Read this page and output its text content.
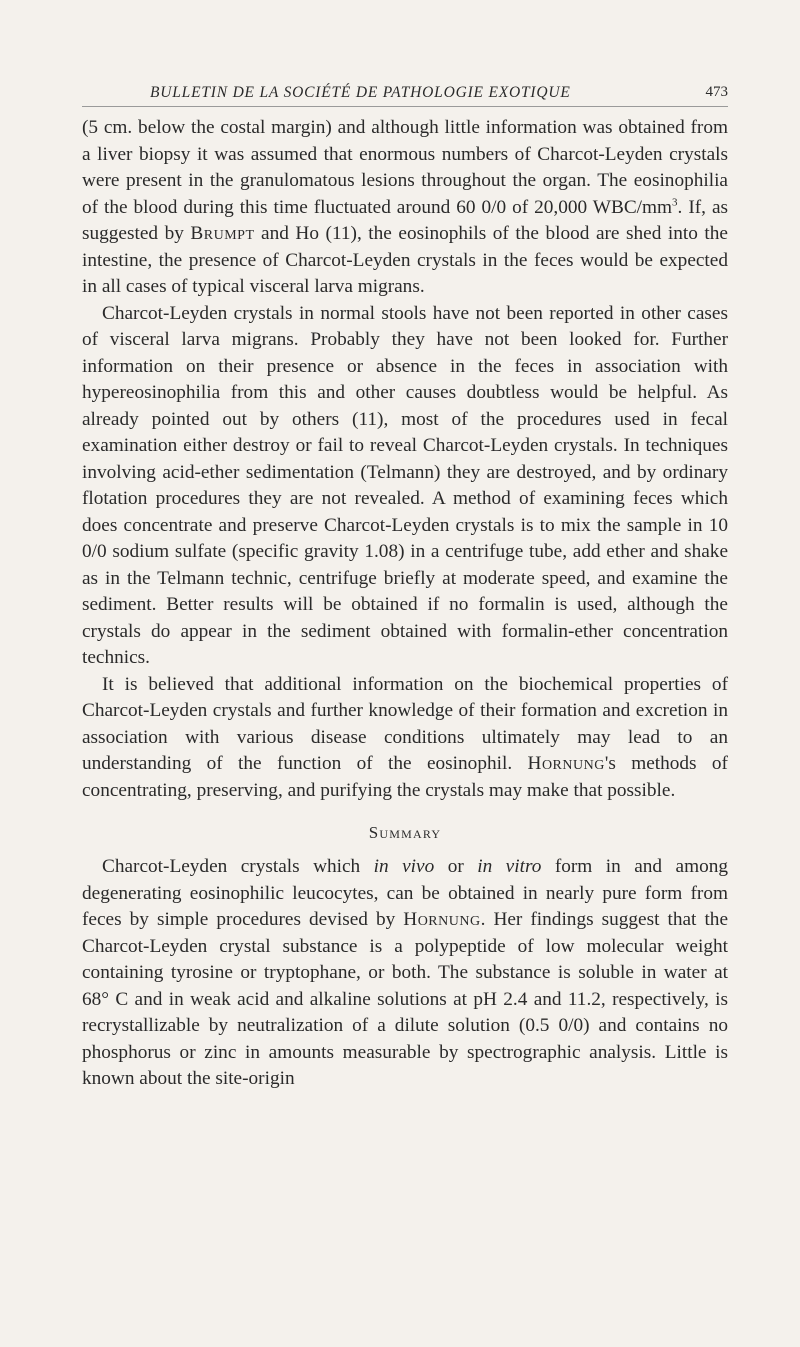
BULLETIN DE LA SOCIÉTÉ DE PATHOLOGIE EXOTIQUE	473

(5 cm. below the costal margin) and although little information was obtained from a liver biopsy it was assumed that enormous numbers of Charcot-Leyden crystals were present in the granulomatous lesions throughout the organ. The eosinophilia of the blood during this time fluctuated around 60 0/0 of 20,000 WBC/$mm^3$. If, as suggested by Brumpt and Ho (11), the eosinophils of the blood are shed into the intestine, the presence of Charcot-Leyden crystals in the feces would be expected in all cases of typical visceral larva migrans.

Charcot-Leyden crystals in normal stools have not been reported in other cases of visceral larva migrans. Probably they have not been looked for. Further information on their presence or absence in the feces in association with hypereosinophilia from this and other causes doubtless would be helpful. As already pointed out by others (11), most of the procedures used in fecal examination either destroy or fail to reveal Charcot-Leyden crystals. In techniques involving acid-ether sedimentation (Telmann) they are destroyed, and by ordinary flotation procedures they are not revealed. A method of examining feces which does concentrate and preserve Charcot-Leyden crystals is to mix the sample in 10 0/0 sodium sulfate (specific gravity 1.08) in a centrifuge tube, add ether and shake as in the Telmann technic, centrifuge briefly at moderate speed, and examine the sediment. Better results will be obtained if no formalin is used, although the crystals do appear in the sediment obtained with formalin-ether concentration technics.

It is believed that additional information on the biochemical properties of Charcot-Leyden crystals and further knowledge of their formation and excretion in association with various disease conditions ultimately may lead to an understanding of the function of the eosinophil. Hornung's methods of concentrating, preserving, and purifying the crystals may make that possible.

Summary

Charcot-Leyden crystals which in vivo or in vitro form in and among degenerating eosinophilic leucocytes, can be obtained in nearly pure form from feces by simple procedures devised by Hornung. Her findings suggest that the Charcot-Leyden crystal substance is a polypeptide of low molecular weight containing tyrosine or tryptophane, or both. The substance is soluble in water at 68° C and in weak acid and alkaline solutions at pH 2.4 and 11.2, respectively, is recrystallizable by neutralization of a dilute solution (0.5 0/0) and contains no phosphorus or zinc in amounts measurable by spectrographic analysis. Little is known about the site-origin
